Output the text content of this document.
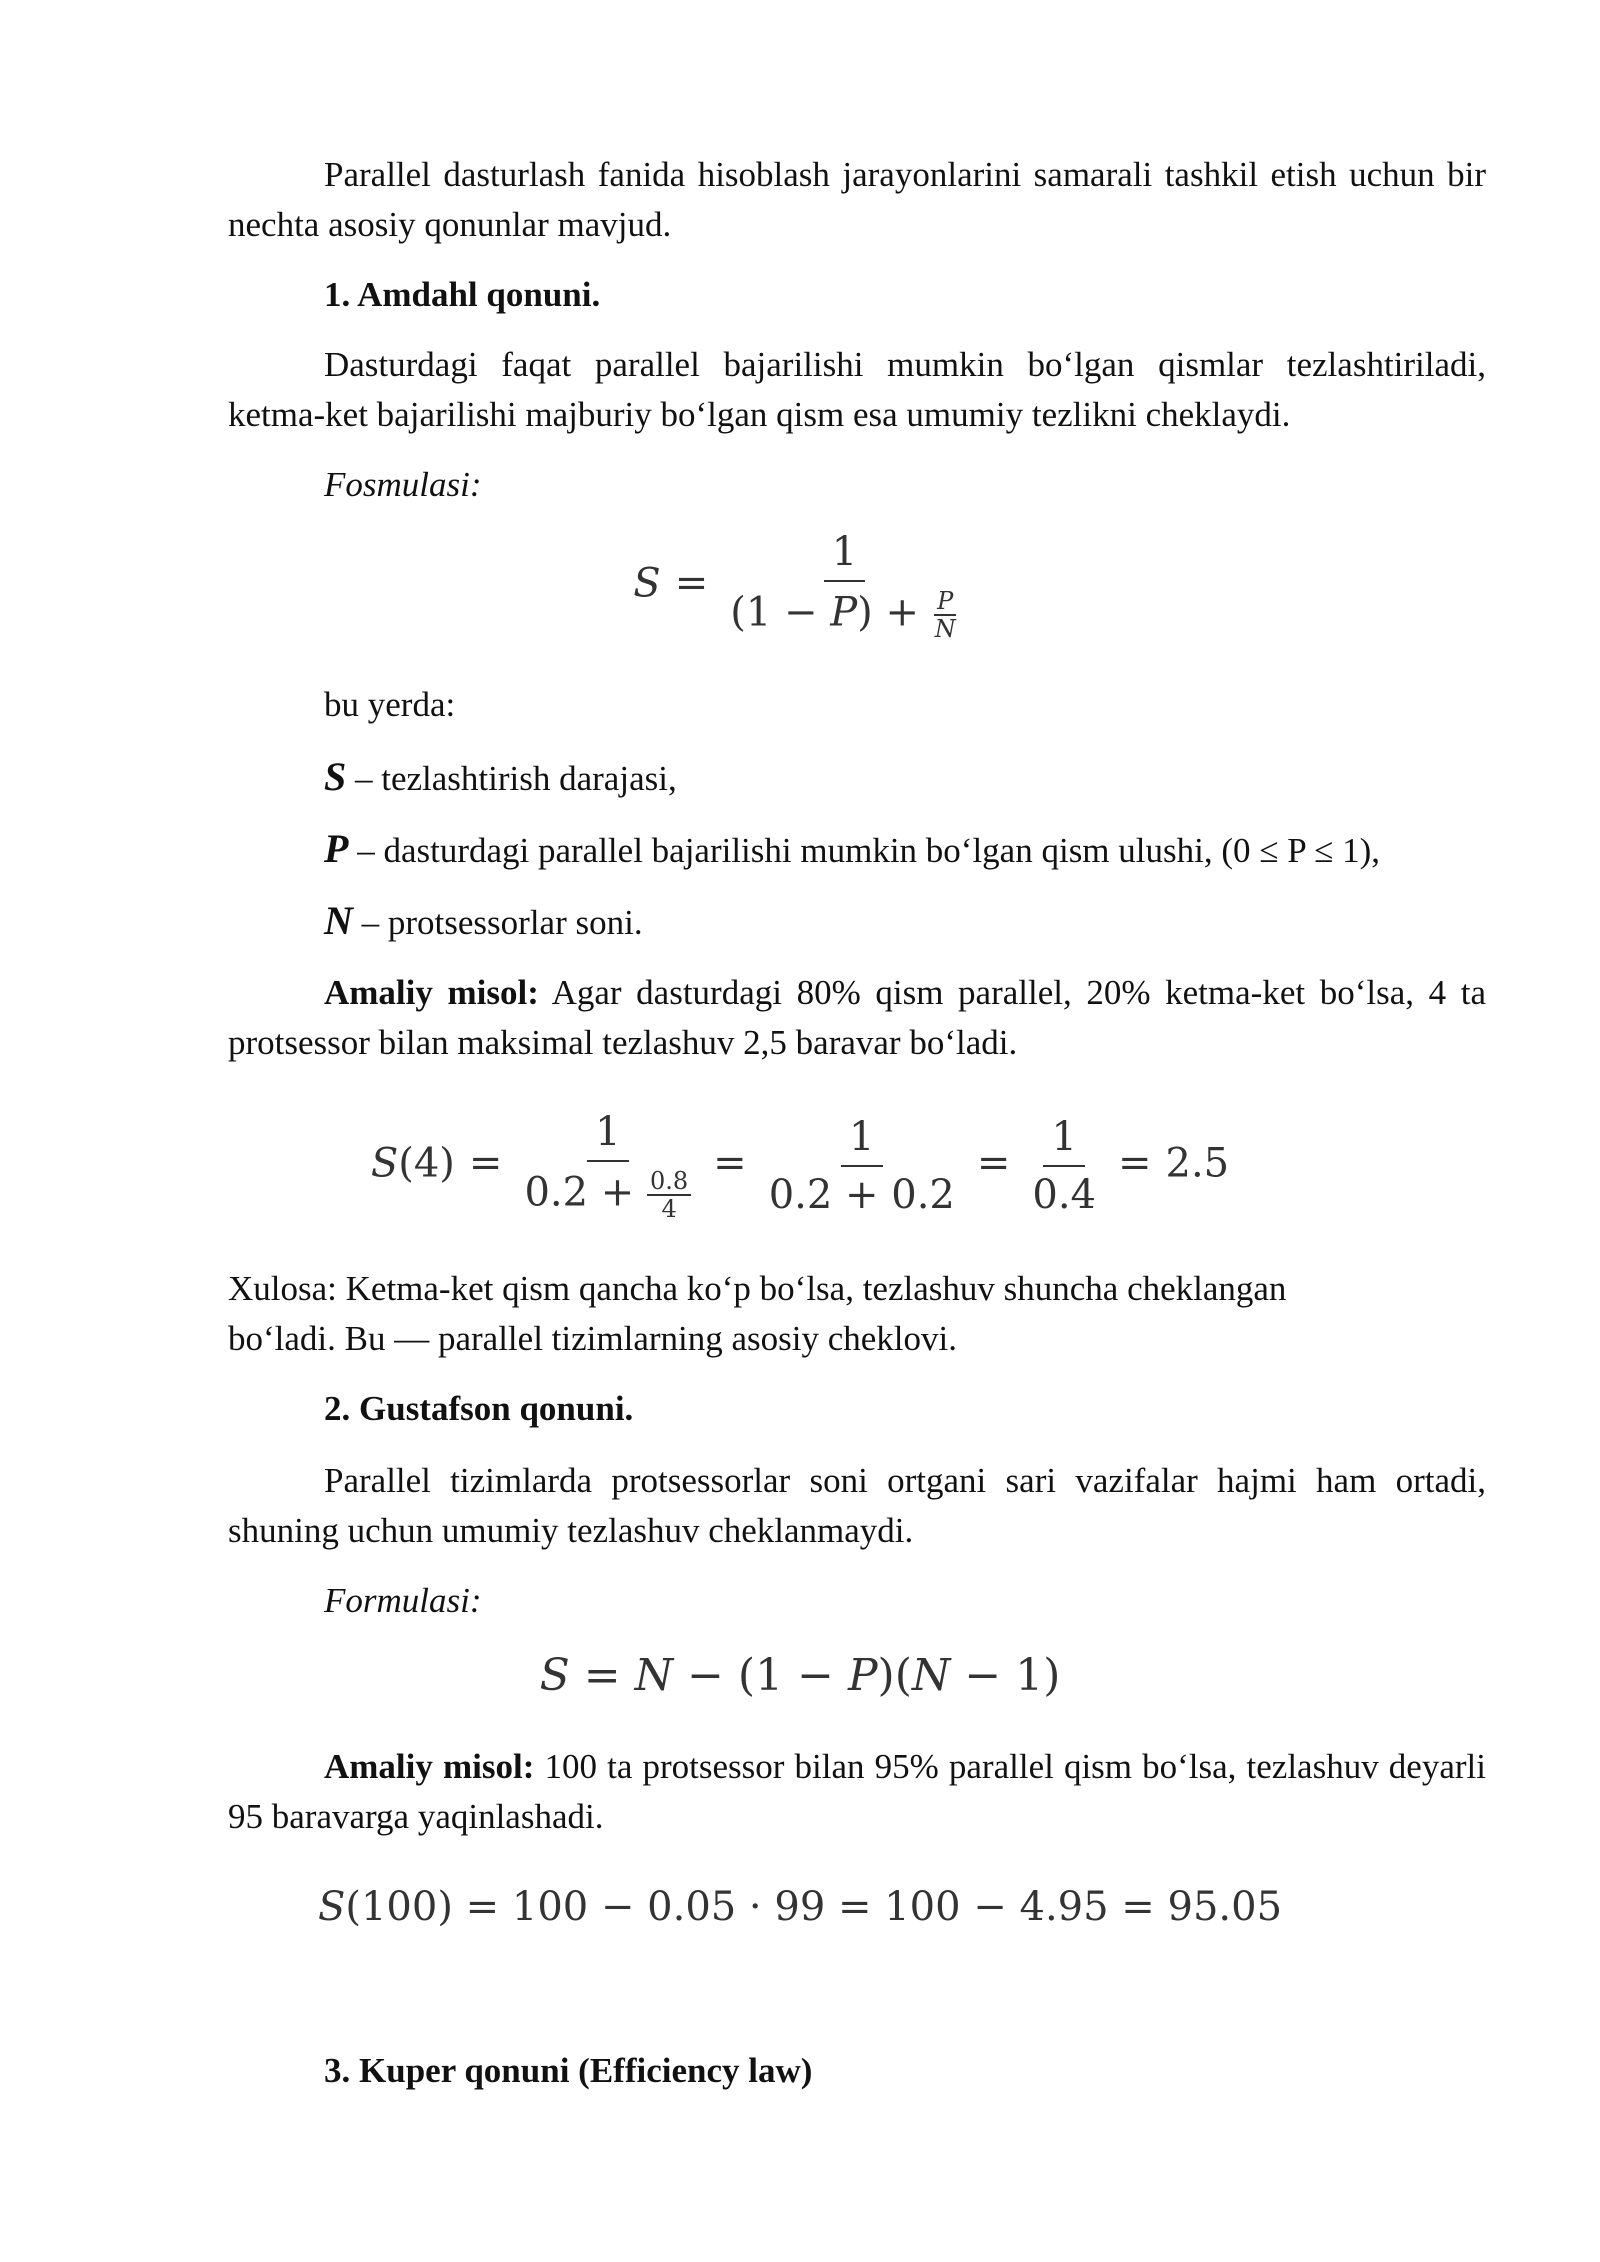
Parallel dasturlash fanida hisoblash jarayonlarini samarali tashkil etish uchun bir nechta asosiy qonunlar mavjud.

1. Amdahl qonuni.

Dasturdagi faqat parallel bajarilishi mumkin bo‘lgan qismlar tezlashtiriladi, ketma-ket bajarilishi majburiy bo‘lgan qism esa umumiy tezlikni cheklaydi.

Fosmulasi:

$S = \frac{1}{(1 - P) + \frac{P}{N}}$

bu yerda:

S – tezlashtirish darajasi,

P – dasturdagi parallel bajarilishi mumkin bo‘lgan qism ulushi, (0 ≤ P ≤ 1),

N – protsessorlar soni.

Amaliy misol: Agar dasturdagi 80% qism parallel, 20% ketma-ket bo‘lsa, 4 ta protsessor bilan maksimal tezlashuv 2,5 baravar bo‘ladi.

$S(4) = \frac{1}{0.2 + \frac{0.8}{4}} = \frac{1}{0.2 + 0.2} = \frac{1}{0.4} = 2.5$

Xulosa: Ketma-ket qism qancha ko‘p bo‘lsa, tezlashuv shuncha cheklangan bo‘ladi. Bu — parallel tizimlarning asosiy cheklovi.

2. Gustafson qonuni.

Parallel tizimlarda protsessorlar soni ortgani sari vazifalar hajmi ham ortadi, shuning uchun umumiy tezlashuv cheklanmaydi.

Formulasi:

S = N − (1 − P)(N − 1)

Amaliy misol: 100 ta protsessor bilan 95% parallel qism bo‘lsa, tezlashuv deyarli 95 baravarga yaqinlashadi.

S(100) = 100 − 0.05 · 99 = 100 − 4.95 = 95.05

3. Kuper qonuni (Efficiency law)
